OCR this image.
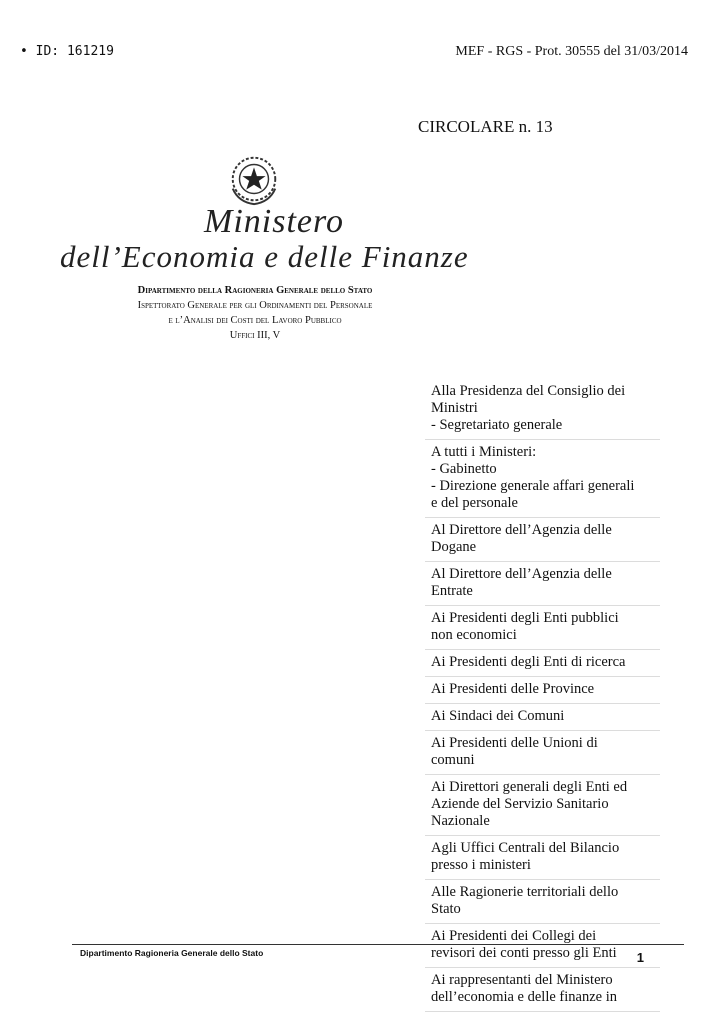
• ID: 161219	MEF - RGS - Prot. 30555 del 31/03/2014
CIRCOLARE n. 13
Ministero
dell’Economia e delle Finanze
Dipartimento della Ragioneria Generale dello Stato
Ispettorato Generale per gli Ordinamenti del Personale
e l’Analisi dei Costi del Lavoro Pubblico
Uffici III, V
Alla Presidenza del Consiglio dei
Ministri
- Segretariato generale
A tutti i Ministeri:
- Gabinetto
- Direzione generale affari generali
e del personale
Al Direttore dell’Agenzia delle
Dogane
Al Direttore dell’Agenzia delle
Entrate
Ai Presidenti degli Enti pubblici
non economici
Ai Presidenti degli Enti di ricerca
Ai Presidenti delle Province
Ai Sindaci dei Comuni
Ai Presidenti delle Unioni di
comuni
Ai Direttori generali degli Enti ed
Aziende del Servizio Sanitario
Nazionale
Agli Uffici Centrali del Bilancio
presso i ministeri
Alle Ragionerie territoriali dello
Stato
Ai Presidenti dei Collegi dei
revisori dei conti presso gli Enti
Ai rappresentanti del Ministero
dell’economia e delle finanze in
Dipartimento Ragioneria Generale dello Stato	1
